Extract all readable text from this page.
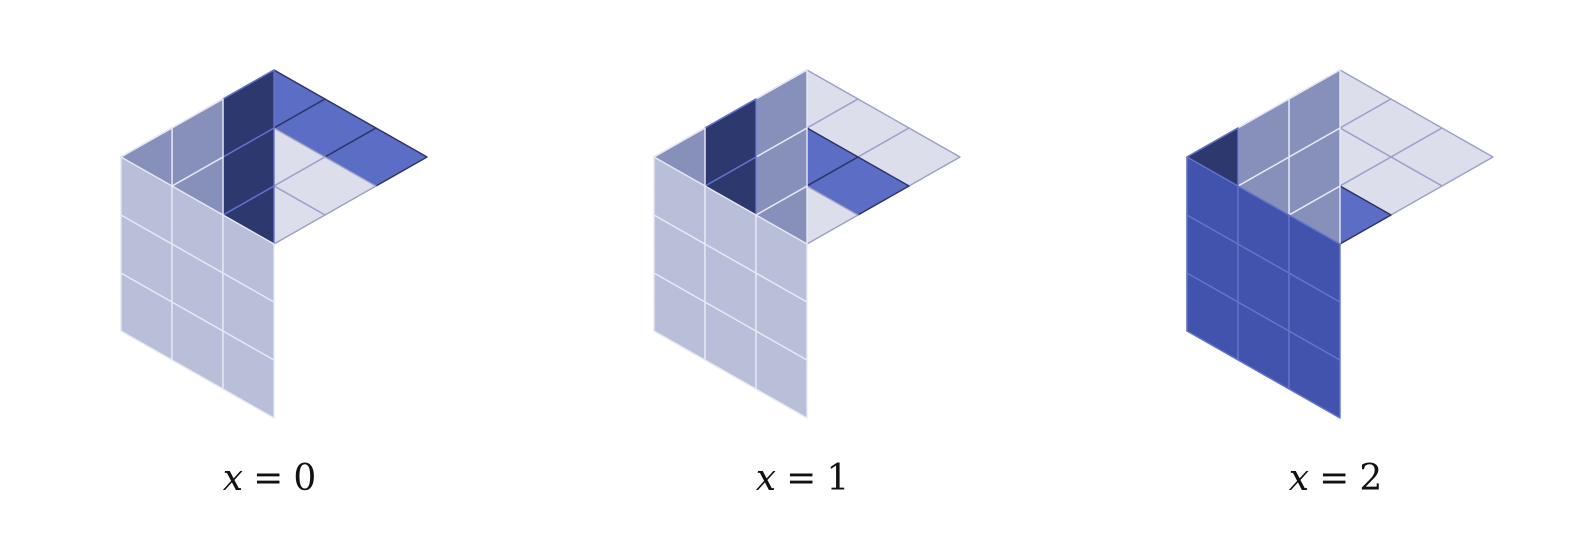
x = 0	x = 1	x = 2
